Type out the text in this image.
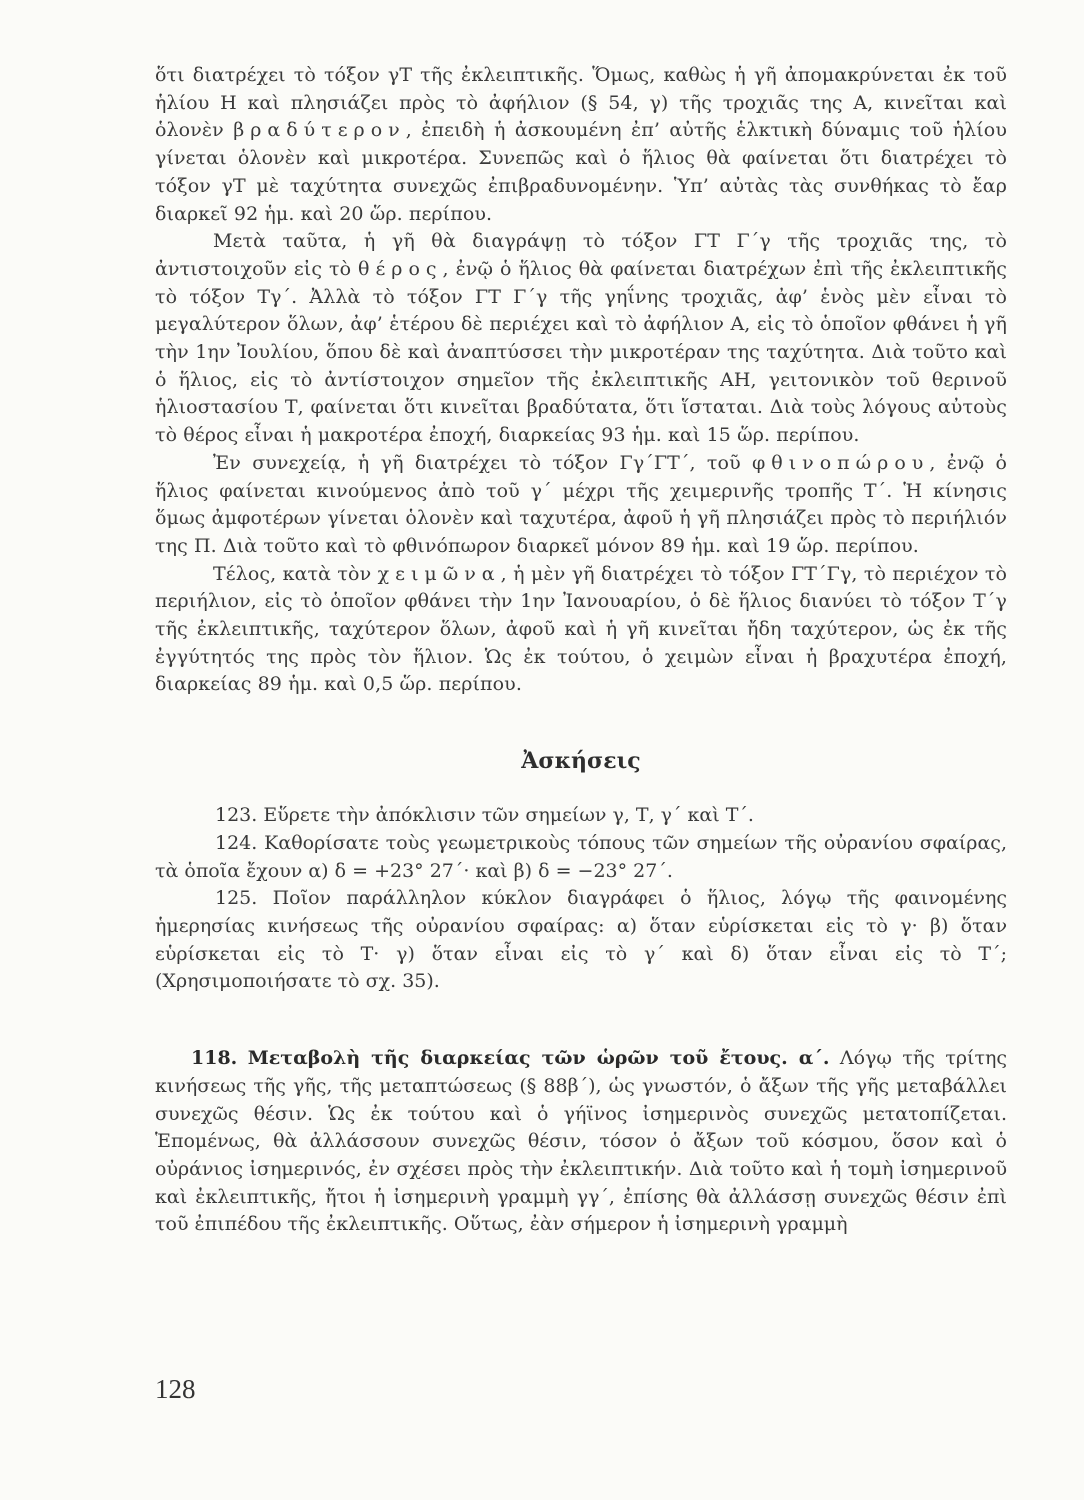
ὅτι διατρέχει τὸ τόξον γΤ τῆς ἐκλειπτικῆς. Ὅμως, καθὼς ἡ γῆ ἀπομακρύνεται ἐκ τοῦ ἡλίου Η καὶ πλησιάζει πρὸς τὸ ἀφήλιον (§ 54, γ) τῆς τροχιᾶς της Α, κινεῖται καὶ ὁλονὲν βραδύτερον, ἐπειδὴ ἡ ἀσκουμένη ἐπ’ αὐτῆς ἑλκτικὴ δύναμις τοῦ ἡλίου γίνεται ὁλονὲν καὶ μικροτέρα. Συνεπῶς καὶ ὁ ἥλιος θὰ φαίνεται ὅτι διατρέχει τὸ τόξον γΤ μὲ ταχύτητα συνεχῶς ἐπιβραδυνομένην. Ὑπ’ αὐτὰς τὰς συνθήκας τὸ ἔαρ διαρκεῖ 92 ἡμ. καὶ 20 ὥρ. περίπου.

Μετὰ ταῦτα, ἡ γῆ θὰ διαγράψῃ τὸ τόξον ΓΤ Γ΄γ τῆς τροχιᾶς της, τὸ ἀντιστοιχοῦν εἰς τὸ θέρος, ἐνῷ ὁ ἥλιος θὰ φαίνεται διατρέχων ἐπὶ τῆς ἐκλειπτικῆς τὸ τόξον Τγ΄. Ἀλλὰ τὸ τόξον ΓΤ Γ΄γ τῆς γηΐνης τροχιᾶς, ἀφ’ ἑνὸς μὲν εἶναι τὸ μεγαλύτερον ὅλων, ἀφ’ ἑτέρου δὲ περιέχει καὶ τὸ ἀφήλιον Α, εἰς τὸ ὁποῖον φθάνει ἡ γῆ τὴν 1ην Ἰουλίου, ὅπου δὲ καὶ ἀναπτύσσει τὴν μικροτέραν της ταχύτητα. Διὰ τοῦτο καὶ ὁ ἥλιος, εἰς τὸ ἀντίστοιχον σημεῖον τῆς ἐκλειπτικῆς ΑΗ, γειτονικὸν τοῦ θερινοῦ ἡλιοστασίου Τ, φαίνεται ὅτι κινεῖται βραδύτατα, ὅτι ἵσταται. Διὰ τοὺς λόγους αὐτοὺς τὸ θέρος εἶναι ἡ μακροτέρα ἐποχή, διαρκείας 93 ἡμ. καὶ 15 ὥρ. περίπου.

Ἐν συνεχείᾳ, ἡ γῆ διατρέχει τὸ τόξον Γγ΄ΓΤ΄, τοῦ φθινοπώρου, ἐνῷ ὁ ἥλιος φαίνεται κινούμενος ἀπὸ τοῦ γ΄ μέχρι τῆς χειμερινῆς τροπῆς Τ΄. Ἡ κίνησις ὅμως ἀμφοτέρων γίνεται ὁλονὲν καὶ ταχυτέρα, ἀφοῦ ἡ γῆ πλησιάζει πρὸς τὸ περιήλιόν της Π. Διὰ τοῦτο καὶ τὸ φθινόπωρον διαρκεῖ μόνον 89 ἡμ. καὶ 19 ὥρ. περίπου.

Τέλος, κατὰ τὸν χειμῶνα, ἡ μὲν γῆ διατρέχει τὸ τόξον ΓΤ΄Γγ, τὸ περιέχον τὸ περιήλιον, εἰς τὸ ὁποῖον φθάνει τὴν 1ην Ἰανουαρίου, ὁ δὲ ἥλιος διανύει τὸ τόξον Τ΄γ τῆς ἐκλειπτικῆς, ταχύτερον ὅλων, ἀφοῦ καὶ ἡ γῆ κινεῖται ἤδη ταχύτερον, ὡς ἐκ τῆς ἐγγύτητός της πρὸς τὸν ἥλιον. Ὡς ἐκ τούτου, ὁ χειμὼν εἶναι ἡ βραχυτέρα ἐποχή, διαρκείας 89 ἡμ. καὶ 0,5 ὥρ. περίπου.

Ἀσκήσεις

123. Εὕρετε τὴν ἀπόκλισιν τῶν σημείων γ, Τ, γ΄ καὶ Τ΄.

124. Καθορίσατε τοὺς γεωμετρικοὺς τόπους τῶν σημείων τῆς οὐρανίου σφαίρας, τὰ ὁποῖα ἔχουν α) δ = +23° 27΄· καὶ β) δ = −23° 27΄.

125. Ποῖον παράλληλον κύκλον διαγράφει ὁ ἥλιος, λόγῳ τῆς φαινομένης ἡμερησίας κινήσεως τῆς οὐρανίου σφαίρας: α) ὅταν εὑρίσκεται εἰς τὸ γ· β) ὅταν εὑρίσκεται εἰς τὸ Τ· γ) ὅταν εἶναι εἰς τὸ γ΄ καὶ δ) ὅταν εἶναι εἰς τὸ Τ΄; (Χρησιμοποιήσατε τὸ σχ. 35).

118. Μεταβολὴ τῆς διαρκείας τῶν ὡρῶν τοῦ ἔτους. α΄. Λόγῳ τῆς τρίτης κινήσεως τῆς γῆς, τῆς μεταπτώσεως (§ 88β΄), ὡς γνωστόν, ὁ ἄξων τῆς γῆς μεταβάλλει συνεχῶς θέσιν. Ὡς ἐκ τούτου καὶ ὁ γήϊνος ἰσημερινὸς συνεχῶς μετατοπίζεται. Ἑπομένως, θὰ ἀλλάσσουν συνεχῶς θέσιν, τόσον ὁ ἄξων τοῦ κόσμου, ὅσον καὶ ὁ οὐράνιος ἰσημερινός, ἐν σχέσει πρὸς τὴν ἐκλειπτικήν. Διὰ τοῦτο καὶ ἡ τομὴ ἰσημερινοῦ καὶ ἐκλειπτικῆς, ἤτοι ἡ ἰσημερινὴ γραμμὴ γγ΄, ἐπίσης θὰ ἀλλάσσῃ συνεχῶς θέσιν ἐπὶ τοῦ ἐπιπέδου τῆς ἐκλειπτικῆς. Οὕτως, ἐὰν σήμερον ἡ ἰσημερινὴ γραμμὴ

128
